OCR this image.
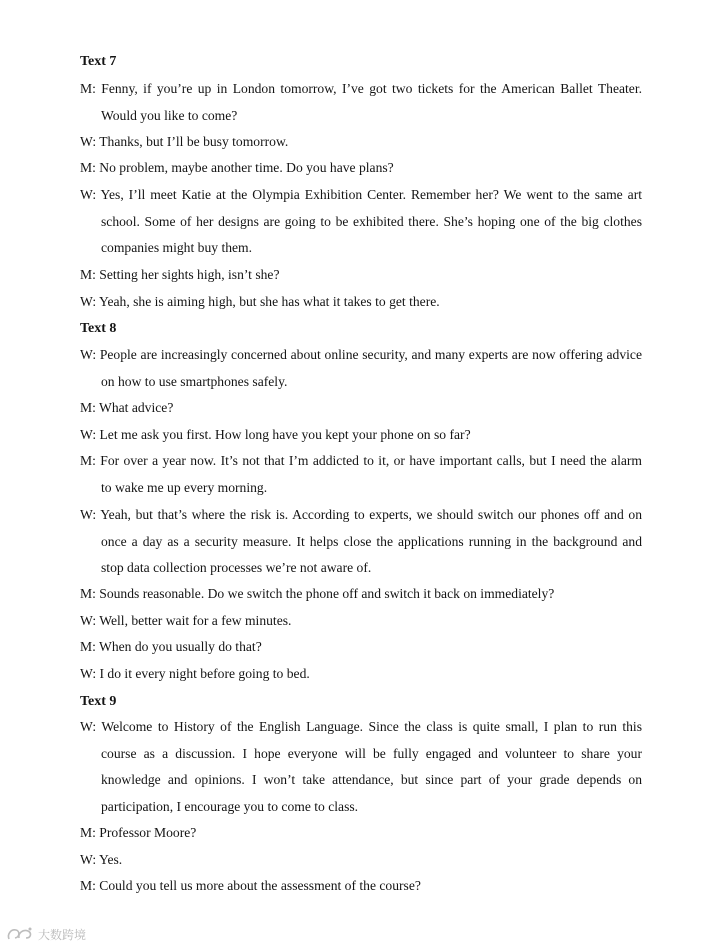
Text 7

M: Fenny, if you’re up in London tomorrow, I’ve got two tickets for the American Ballet Theater.
Would you like to come?

W: Thanks, but I’ll be busy tomorrow.

M: No problem, maybe another time. Do you have plans?

W: Yes, I’ll meet Katie at the Olympia Exhibition Center. Remember her? We went to the same art
school. Some of her designs are going to be exhibited there. She’s hoping one of the big clothes
companies might buy them.

M: Setting her sights high, isn’t she?

W: Yeah, she is aiming high, but she has what it takes to get there.

Text 8

W: People are increasingly concerned about online security, and many experts are now offering advice
on how to use smartphones safely.

M: What advice?

W: Let me ask you first. How long have you kept your phone on so far?

M: For over a year now. It’s not that I’m addicted to it, or have important calls, but I need the alarm
to wake me up every morning.

W: Yeah, but that’s where the risk is. According to experts, we should switch our phones off and on
once a day as a security measure. It helps close the applications running in the background and
stop data collection processes we’re not aware of.

M: Sounds reasonable. Do we switch the phone off and switch it back on immediately?

W: Well, better wait for a few minutes.

M: When do you usually do that?

W: I do it every night before going to bed.

Text 9

W: Welcome to History of the English Language. Since the class is quite small, I plan to run this
course as a discussion. I hope everyone will be fully engaged and volunteer to share your
knowledge and opinions. I won’t take attendance, but since part of your grade depends on
participation, I encourage you to come to class.

M: Professor Moore?

W: Yes.

M: Could you tell us more about the assessment of the course?

大数跨境
